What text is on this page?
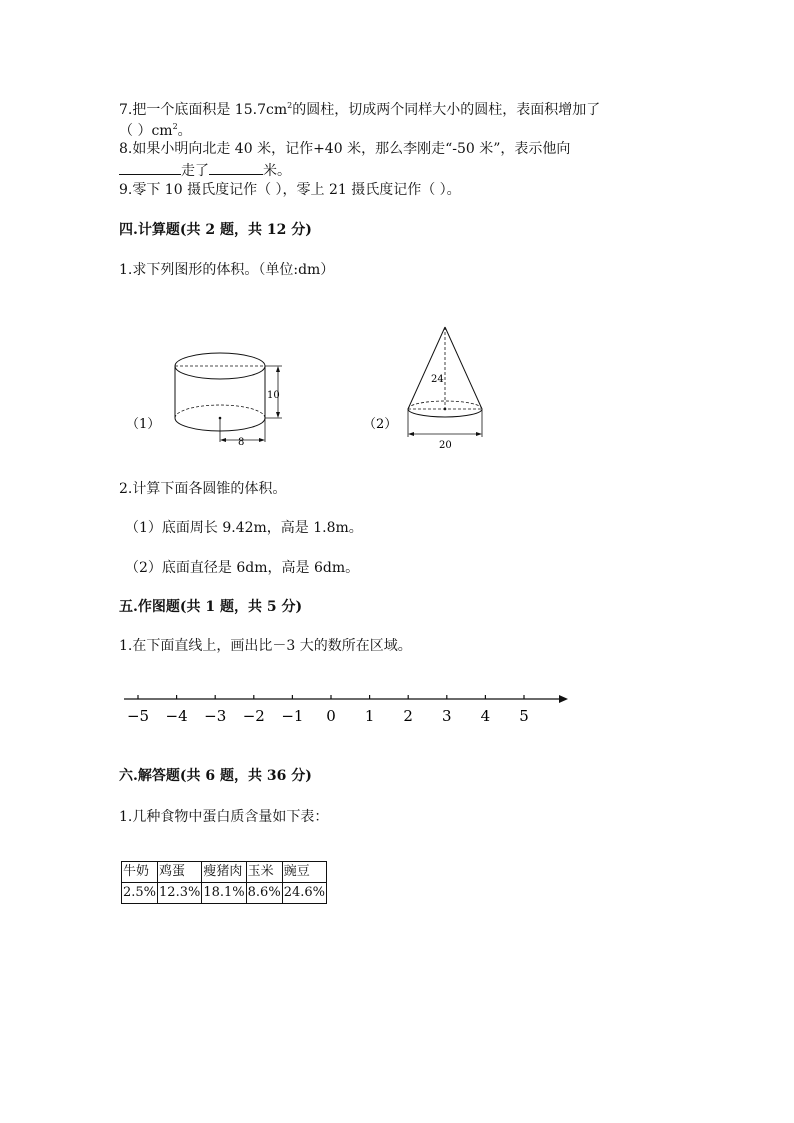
7.把一个底面积是 $15.7cm^2$的圆柱，切成两个同样大小的圆柱，表面积增加了
（ ）$cm^2$。
8.如果小明向北走 40 米，记作+40 米，那么李刚走“-50 米”，表示他向
走了	米。
9.零下 10 摄氏度记作（ ），零上 21 摄氏度记作（ ）。
四.计算题(共 2 题，共 12 分)
1.求下列图形的体积。（单位:dm）
（1）
10
8
（2）
24
20
2.计算下面各圆锥的体积。
（1）底面周长 9.42m，高是 1.8m。
（2）底面直径是 6dm，高是 6dm。
五.作图题(共 1 题，共 5 分)
1.在下面直线上，画出比－3 大的数所在区域。
−5 −4 −3 −2 −1 0 1 2 3 4 5
六.解答题(共 6 题，共 36 分)
1.几种食物中蛋白质含量如下表：
牛奶	鸡蛋	瘦猪肉	玉米	豌豆
2.5%	12.3%	18.1%	8.6%	24.6%
